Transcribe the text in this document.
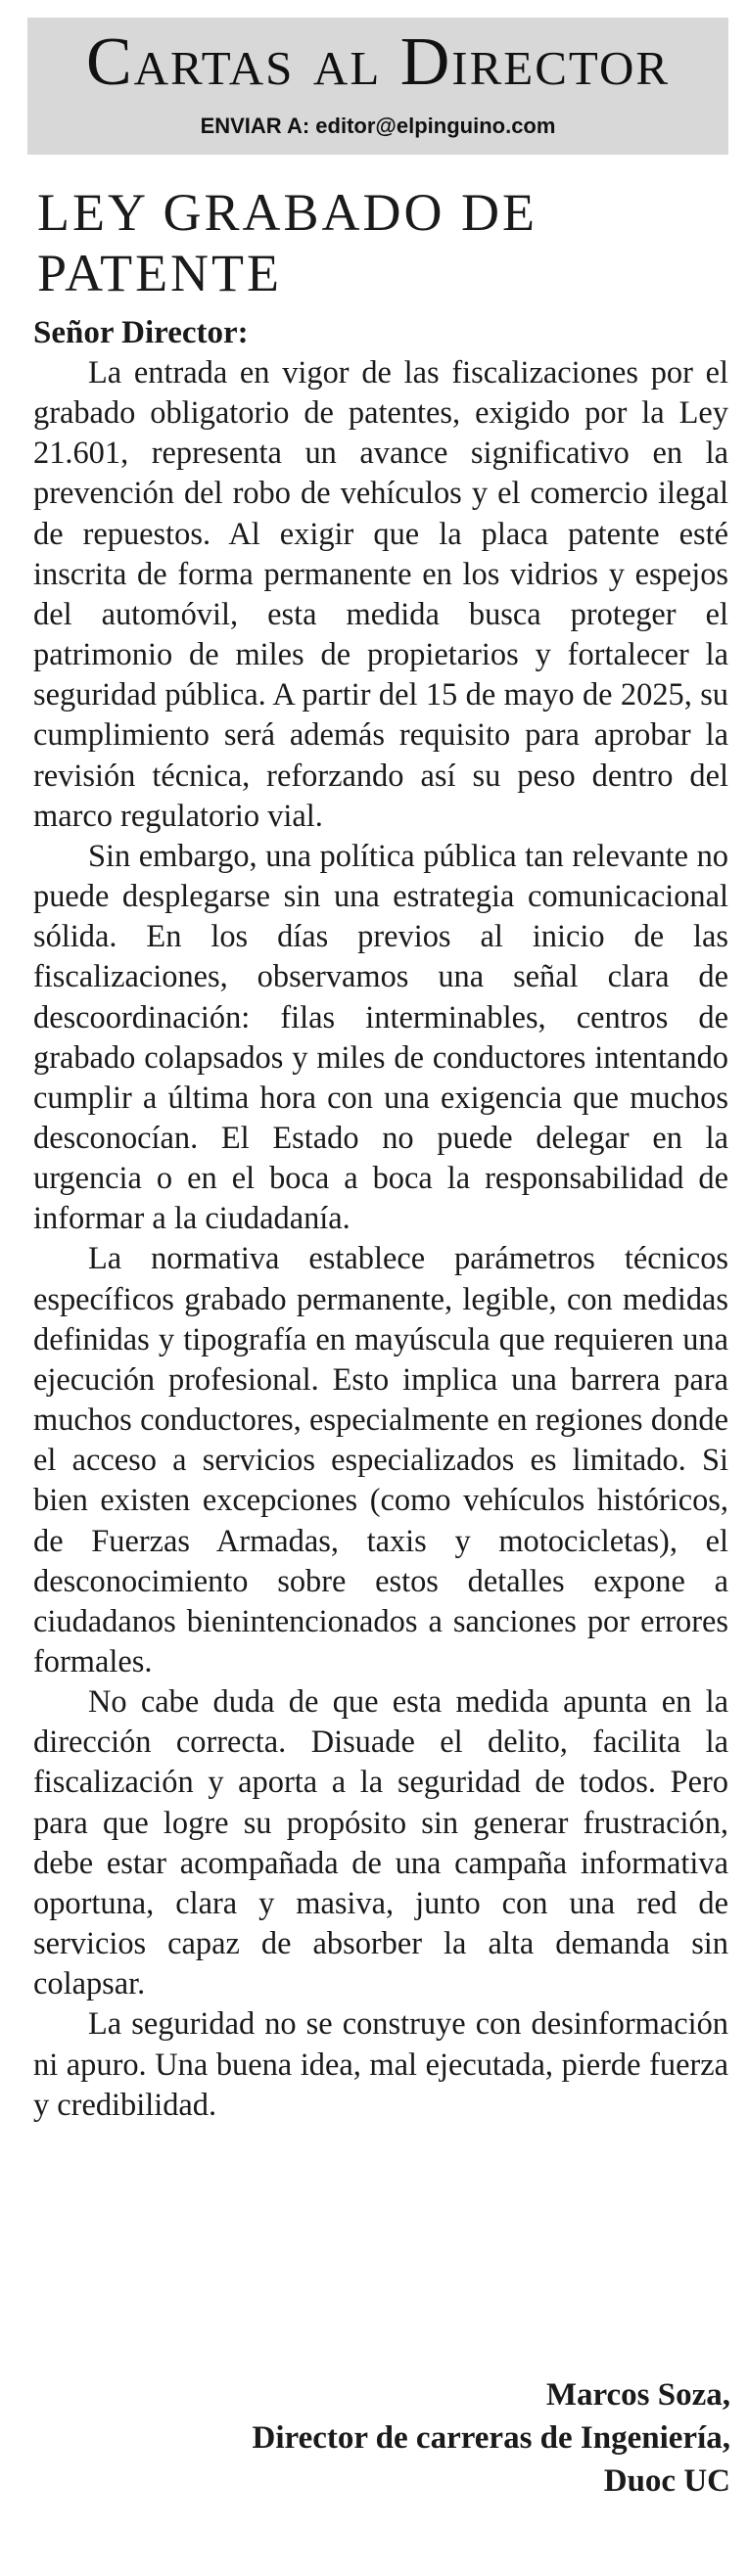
Cartas al Director
ENVIAR A: editor@elpinguino.com
LEY GRABADO DE PATENTE
Señor Director:

La entrada en vigor de las fiscalizaciones por el grabado obligatorio de patentes, exigido por la Ley 21.601, representa un avance significativo en la prevención del robo de vehículos y el comercio ilegal de repuestos. Al exigir que la placa patente esté inscrita de forma permanente en los vidrios y espejos del automóvil, esta medida busca proteger el patrimonio de miles de propietarios y fortalecer la seguridad pública. A partir del 15 de mayo de 2025, su cumplimiento será además requisito para aprobar la revisión técnica, reforzando así su peso dentro del marco regulatorio vial.

Sin embargo, una política pública tan relevante no puede desplegarse sin una estrategia comunicacional sólida. En los días previos al inicio de las fiscalizaciones, observamos una señal clara de descoordinación: filas interminables, centros de grabado colapsados y miles de conductores intentando cumplir a última hora con una exigencia que muchos desconocían. El Estado no puede delegar en la urgencia o en el boca a boca la responsabilidad de informar a la ciudadanía.

La normativa establece parámetros técnicos específicos grabado permanente, legible, con medidas definidas y tipografía en mayúscula que requieren una ejecución profesional. Esto implica una barrera para muchos conductores, especialmente en regiones donde el acceso a servicios especializados es limitado. Si bien existen excepciones (como vehículos históricos, de Fuerzas Armadas, taxis y motocicletas), el desconocimiento sobre estos detalles expone a ciudadanos bienintencionados a sanciones por errores formales.

No cabe duda de que esta medida apunta en la dirección correcta. Disuade el delito, facilita la fiscalización y aporta a la seguridad de todos. Pero para que logre su propósito sin generar frustración, debe estar acompañada de una campaña informativa oportuna, clara y masiva, junto con una red de servicios capaz de absorber la alta demanda sin colapsar.

La seguridad no se construye con desinformación ni apuro. Una buena idea, mal ejecutada, pierde fuerza y credibilidad.

Marcos Soza,
Director de carreras de Ingeniería,
Duoc UC
